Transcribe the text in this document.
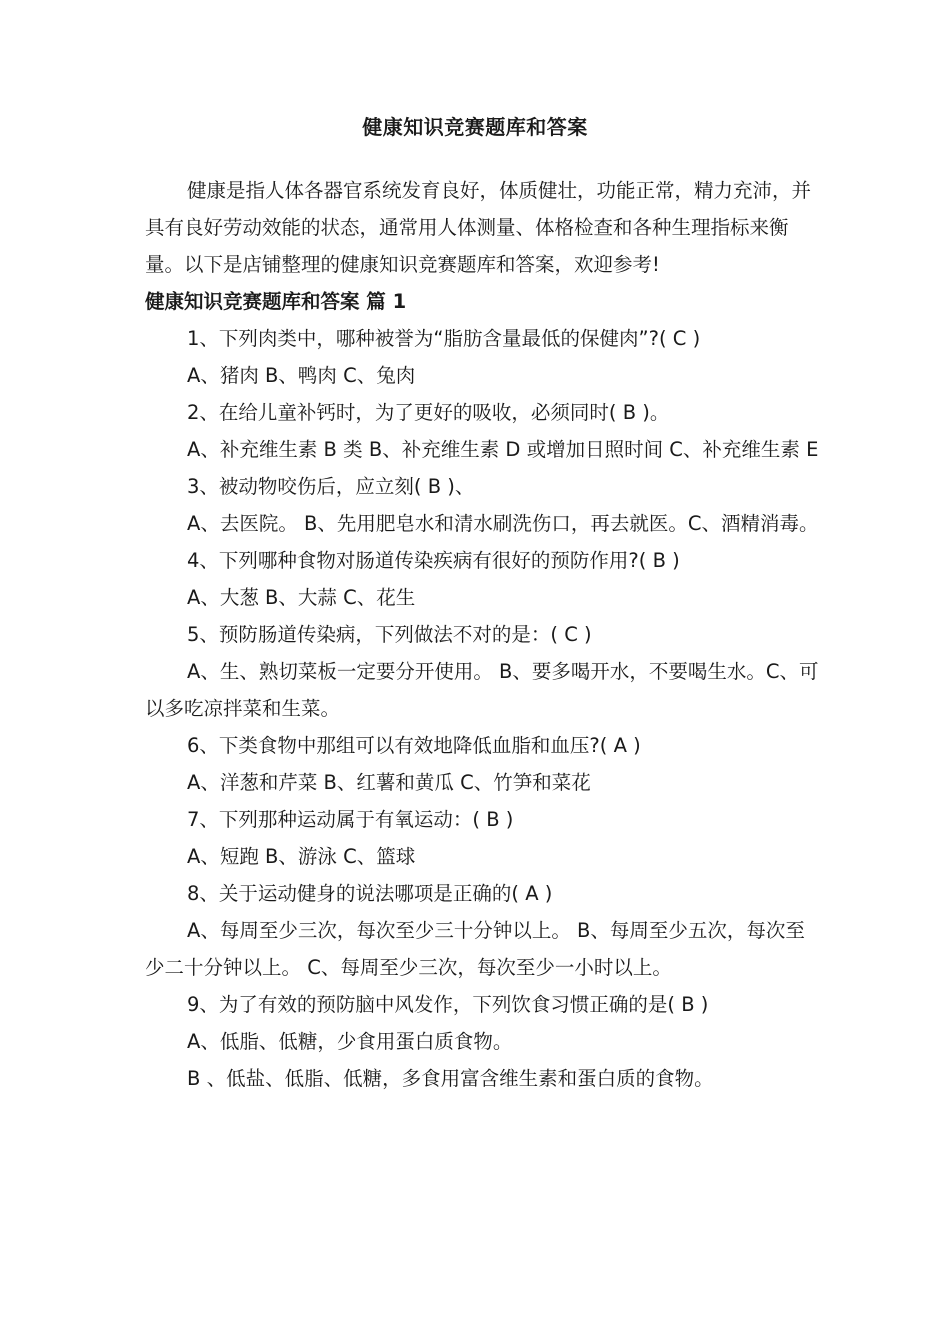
健康知识竞赛题库和答案

健康是指人体各器官系统发育良好，体质健壮，功能正常，精力充沛，并具有良好劳动效能的状态，通常用人体测量、体格检查和各种生理指标来衡量。以下是店铺整理的健康知识竞赛题库和答案，欢迎参考!

健康知识竞赛题库和答案 篇 1

1、下列肉类中，哪种被誉为“脂肪含量最低的保健肉”?( C )

A、猪肉 B、鸭肉 C、兔肉

2、在给儿童补钙时，为了更好的吸收，必须同时( B )。

A、补充维生素 B 类 B、补充维生素 D 或增加日照时间 C、补充维生素 E

3、被动物咬伤后，应立刻( B )、

A、去医院。 B、先用肥皂水和清水刷洗伤口，再去就医。C、酒精消毒。

4、下列哪种食物对肠道传染疾病有很好的预防作用?( B )

A、大葱 B、大蒜 C、花生

5、预防肠道传染病，下列做法不对的是：( C )

A、生、熟切菜板一定要分开使用。 B、要多喝开水，不要喝生水。C、可以多吃凉拌菜和生菜。

6、下类食物中那组可以有效地降低血脂和血压?( A )

A、洋葱和芹菜 B、红薯和黄瓜 C、竹笋和菜花

7、下列那种运动属于有氧运动：( B )

A、短跑 B、游泳 C、篮球

8、关于运动健身的说法哪项是正确的( A )

A、每周至少三次，每次至少三十分钟以上。 B、每周至少五次，每次至少二十分钟以上。 C、每周至少三次，每次至少一小时以上。

9、为了有效的预防脑中风发作，下列饮食习惯正确的是( B )

A、低脂、低糖，少食用蛋白质食物。

B 、低盐、低脂、低糖，多食用富含维生素和蛋白质的食物。
